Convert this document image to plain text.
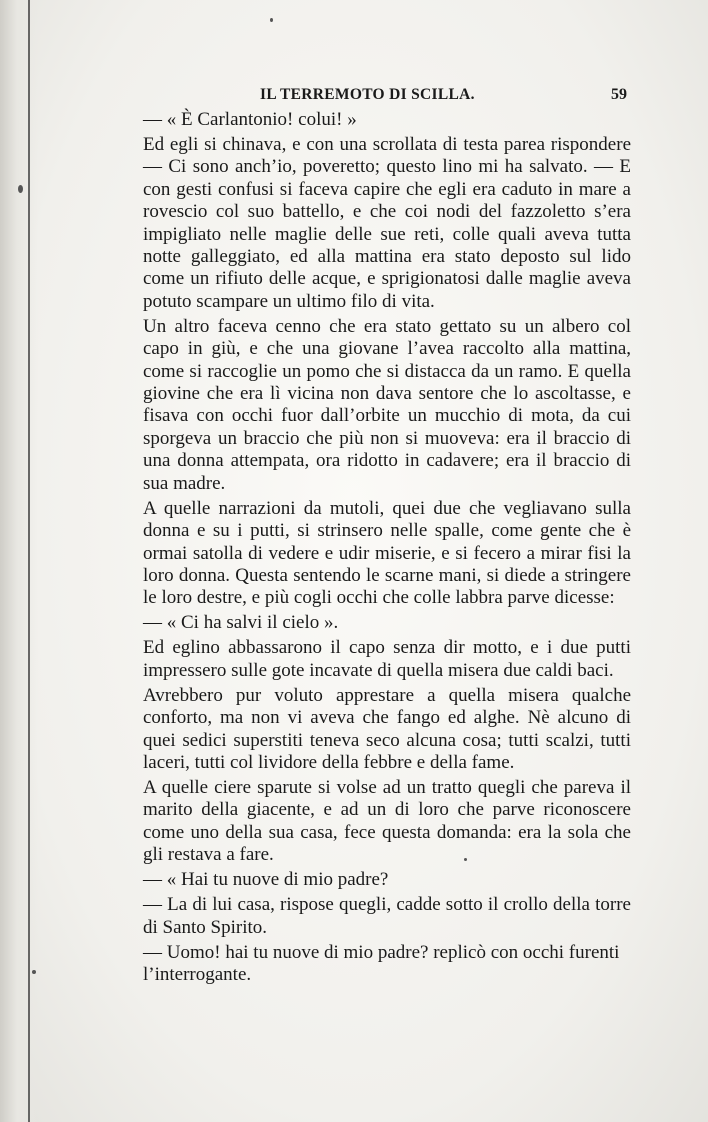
IL TERREMOTO DI SCILLA.	59

— « È Carlantonio! colui! »

Ed egli si chinava, e con una scrollata di testa parea rispondere — Ci sono anch’io, poveretto; questo lino mi ha salvato. — E con gesti confusi si faceva capire che egli era caduto in mare a rovescio col suo battello, e che coi nodi del fazzoletto s’era impigliato nelle maglie delle sue reti, colle quali aveva tutta notte galleggiato, ed alla mattina era stato deposto sul lido come un rifiuto delle acque, e sprigionatosi dalle maglie aveva potuto scampare un ultimo filo di vita.

Un altro faceva cenno che era stato gettato su un albero col capo in giù, e che una giovane l’avea raccolto alla mattina, come si raccoglie un pomo che si distacca da un ramo. E quella giovine che era lì vicina non dava sentore che lo ascoltasse, e fisava con occhi fuor dall’orbite un mucchio di mota, da cui sporgeva un braccio che più non si muoveva: era il braccio di una donna attempata, ora ridotto in cadavere; era il braccio di sua madre.

A quelle narrazioni da mutoli, quei due che vegliavano sulla donna e su i putti, si strinsero nelle spalle, come gente che è ormai satolla di vedere e udir miserie, e si fecero a mirar fisi la loro donna. Questa sentendo le scarne mani, si diede a stringere le loro destre, e più cogli occhi che colle labbra parve dicesse:

— « Ci ha salvi il cielo ».

Ed eglino abbassarono il capo senza dir motto, e i due putti impressero sulle gote incavate di quella misera due caldi baci.

Avrebbero pur voluto apprestare a quella misera qualche conforto, ma non vi aveva che fango ed alghe. Nè alcuno di quei sedici superstiti teneva seco alcuna cosa; tutti scalzi, tutti laceri, tutti col lividore della febbre e della fame.

A quelle ciere sparute si volse ad un tratto quegli che pareva il marito della giacente, e ad un di loro che parve riconoscere come uno della sua casa, fece questa domanda: era la sola che gli restava a fare.

— « Hai tu nuove di mio padre?

— La di lui casa, rispose quegli, cadde sotto il crollo della torre di Santo Spirito.

— Uomo! hai tu nuove di mio padre? replicò con occhi furenti l’interrogante.
